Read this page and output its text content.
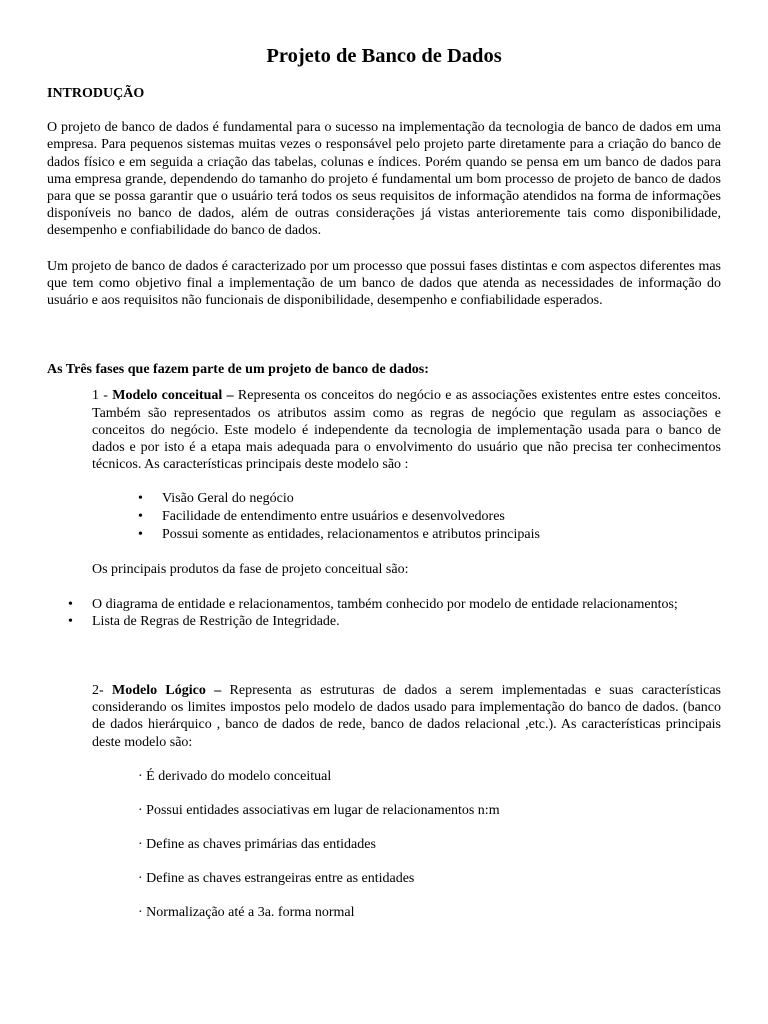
Projeto de Banco de Dados

INTRODUÇÃO

O projeto de banco de dados é fundamental para o sucesso na implementação da tecnologia de banco de dados em uma empresa. Para pequenos sistemas muitas vezes o responsável pelo projeto parte diretamente para a criação do banco de dados físico e em seguida a criação das tabelas, colunas e índices. Porém quando se pensa em um banco de dados para uma empresa grande, dependendo do tamanho do projeto é fundamental um bom processo de projeto de banco de dados para que se possa garantir que o usuário terá todos os seus requisitos de informação atendidos na forma de informações disponíveis no banco de dados, além de outras considerações já vistas anterioremente tais como disponibilidade, desempenho e confiabilidade do banco de dados.

Um projeto de banco de dados é caracterizado por um processo que possui fases distintas e com aspectos diferentes mas que tem como objetivo final a implementação de um banco de dados que atenda as necessidades de informação do usuário e aos requisitos não funcionais de disponibilidade, desempenho e confiabilidade esperados.

As Três fases que fazem parte de um projeto de banco de dados:

1 - Modelo conceitual – Representa os conceitos do negócio e as associações existentes entre estes conceitos. Também são representados os atributos assim como as regras de negócio que regulam as associações e conceitos do negócio. Este modelo é independente da tecnologia de implementação usada para o banco de dados e por isto é a etapa mais adequada para o envolvimento do usuário que não precisa ter conhecimentos técnicos. As características principais deste modelo são :

• Visão Geral do negócio
• Facilidade de entendimento entre usuários e desenvolvedores
• Possui somente as entidades, relacionamentos e atributos principais

Os principais produtos da fase de projeto conceitual são:

• O diagrama de entidade e relacionamentos, também conhecido por modelo de entidade relacionamentos;
• Lista de Regras de Restrição de Integridade.

2- Modelo Lógico – Representa as estruturas de dados a serem implementadas e suas características considerando os limites impostos pelo modelo de dados usado para implementação do banco de dados. (banco de dados hierárquico , banco de dados de rede, banco de dados relacional ,etc.). As características principais deste modelo são:

· É derivado do modelo conceitual
· Possui entidades associativas em lugar de relacionamentos n:m
· Define as chaves primárias das entidades
· Define as chaves estrangeiras entre as entidades
· Normalização até a 3a. forma normal
